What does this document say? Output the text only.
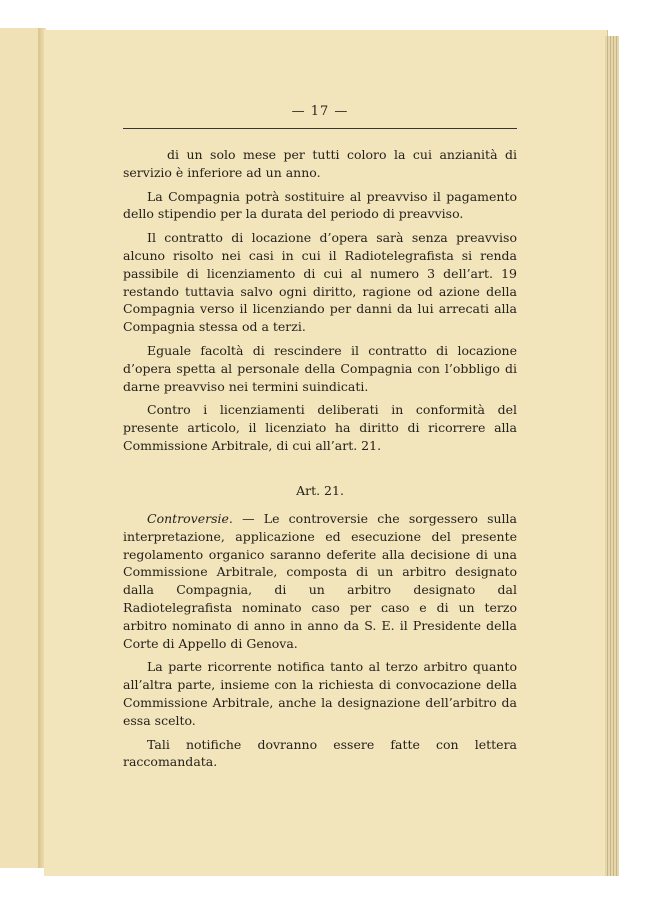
— 17 —

di un solo mese per tutti coloro la cui anzianità di servizio è inferiore ad un anno.

La Compagnia potrà sostituire al preavviso il pagamento dello stipendio per la durata del periodo di preavviso.

Il contratto di locazione d’opera sarà senza preavviso alcuno risolto nei casi in cui il Radiotelegrafista si renda passibile di licenziamento di cui al numero 3 dell’art. 19 restando tuttavia salvo ogni diritto, ragione od azione della Compagnia verso il licenziando per danni da lui arrecati alla Compagnia stessa od a terzi.

Eguale facoltà di rescindere il contratto di locazione d’opera spetta al personale della Compagnia con l’obbligo di darne preavviso nei termini suindicati.

Contro i licenziamenti deliberati in conformità del presente articolo, il licenziato ha diritto di ricorrere alla Commissione Arbitrale, di cui all’art. 21.

Art. 21.

Controversie. — Le controversie che sorgessero sulla interpretazione, applicazione ed esecuzione del presente regolamento organico saranno deferite alla decisione di una Commissione Arbitrale, composta di un arbitro designato dalla Compagnia, di un arbitro designato dal Radiotelegrafista nominato caso per caso e di un terzo arbitro nominato di anno in anno da S. E. il Presidente della Corte di Appello di Genova.

La parte ricorrente notifica tanto al terzo arbitro quanto all’altra parte, insieme con la richiesta di convocazione della Commissione Arbitrale, anche la designazione dell’arbitro da essa scelto.

Tali notifiche dovranno essere fatte con lettera raccomandata.
